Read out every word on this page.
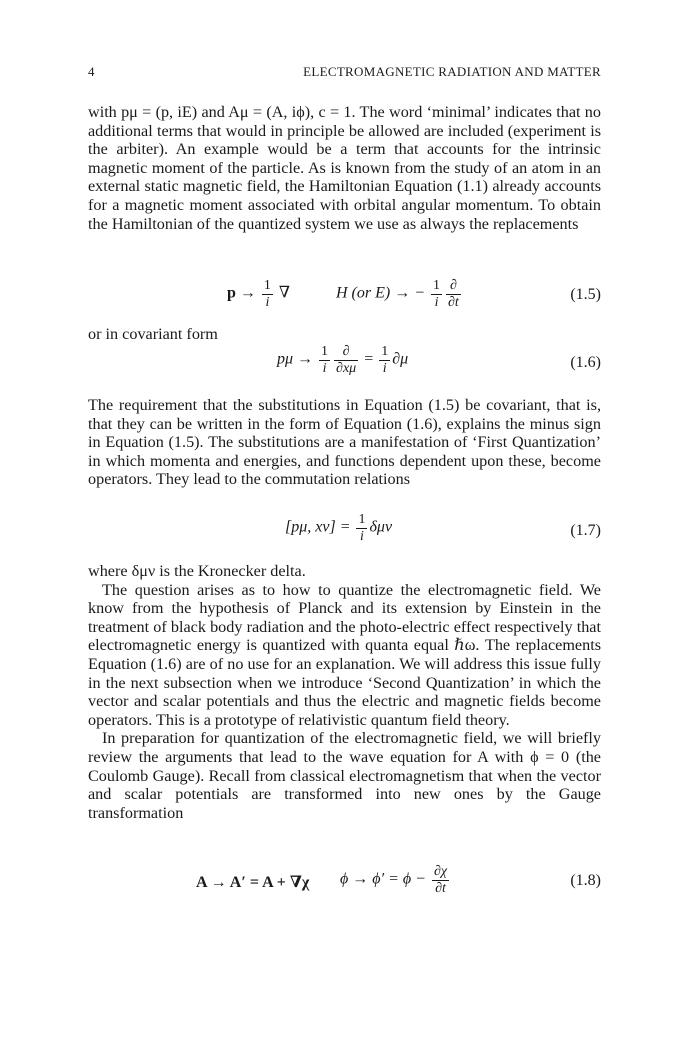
4	ELECTROMAGNETIC RADIATION AND MATTER

with pμ = (p, iE) and Aμ = (A, iϕ), c = 1. The word ‘minimal’ indicates that no additional terms that would in principle be allowed are included (experiment is the arbiter). An example would be a term that accounts for the intrinsic magnetic moment of the particle. As is known from the study of an atom in an external static magnetic field, the Hamiltonian Equation (1.1) already accounts for a magnetic moment associated with orbital angular momentum. To obtain the Hamiltonian of the quantized system we use as always the replacements

$p \to \frac{1}{i}$ ∇	H (or E) → − $\frac{1}{i} \frac{\partial}{\partial t}$	(1.5)

or in covariant form

$p\mu \to \frac{1}{i} \frac{\partial}{\partial x\mu} = \frac{1}{i} \partial\mu$	(1.6)

The requirement that the substitutions in Equation (1.5) be covariant, that is, that they can be written in the form of Equation (1.6), explains the minus sign in Equation (1.5). The substitutions are a manifestation of ‘First Quantization’ in which momenta and energies, and functions dependent upon these, become operators. They lead to the commutation relations

[pμ, $x\nu] = \frac{1}{i}$ δμν	(1.7)

where δμν is the Kronecker delta.

The question arises as to how to quantize the electromagnetic field. We know from the hypothesis of Planck and its extension by Einstein in the treatment of black body radiation and the photo-electric effect respectively that electromagnetic energy is quantized with quanta equal ℏω. The replacements Equation (1.6) are of no use for an explanation. We will address this issue fully in the next subsection when we introduce ‘Second Quantization’ in which the vector and scalar potentials and thus the electric and magnetic fields become operators. This is a prototype of relativistic quantum field theory.

In preparation for quantization of the electromagnetic field, we will briefly review the arguments that lead to the wave equation for A with ϕ = 0 (the Coulomb Gauge). Recall from classical electromagnetism that when the vector and scalar potentials are transformed into new ones by the Gauge transformation

A → A′ = A + ∇χ $\phi \to \phi' = \phi - \frac{\partial\chi}{\partial t}$	(1.8)
